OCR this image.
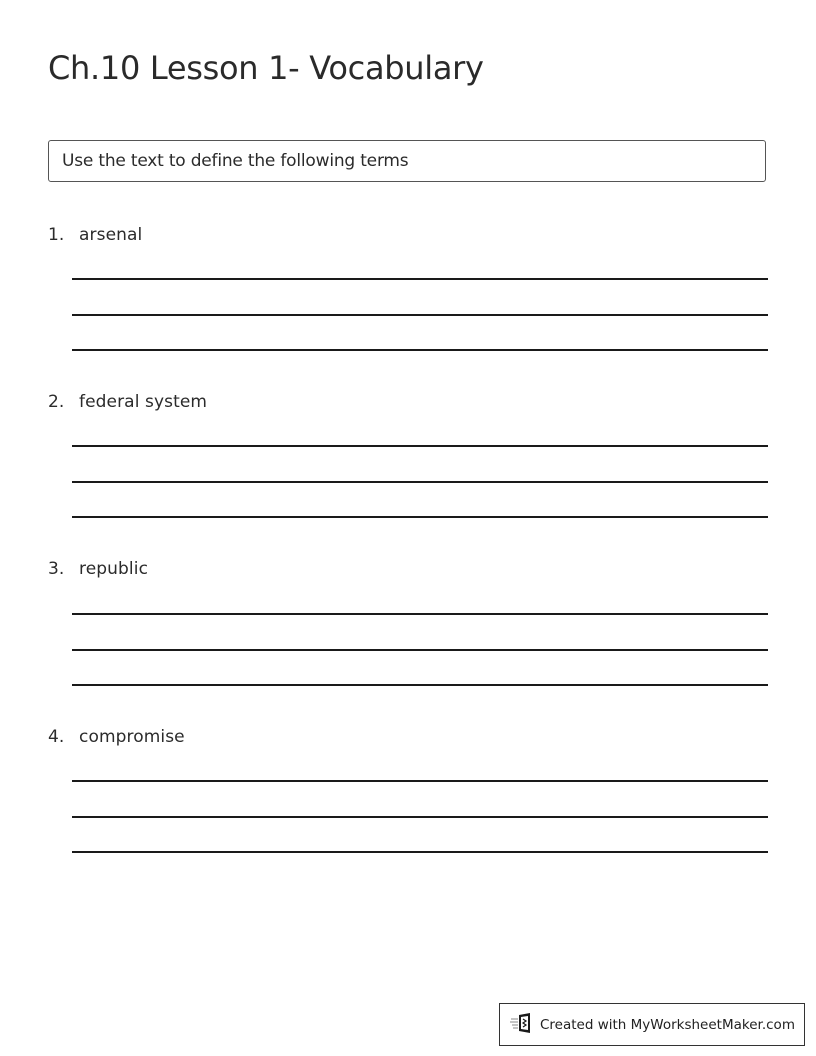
Ch.10 Lesson 1- Vocabulary
Use the text to define the following terms
1. arsenal
2. federal system
3. republic
4. compromise
Created with MyWorksheetMaker.com
